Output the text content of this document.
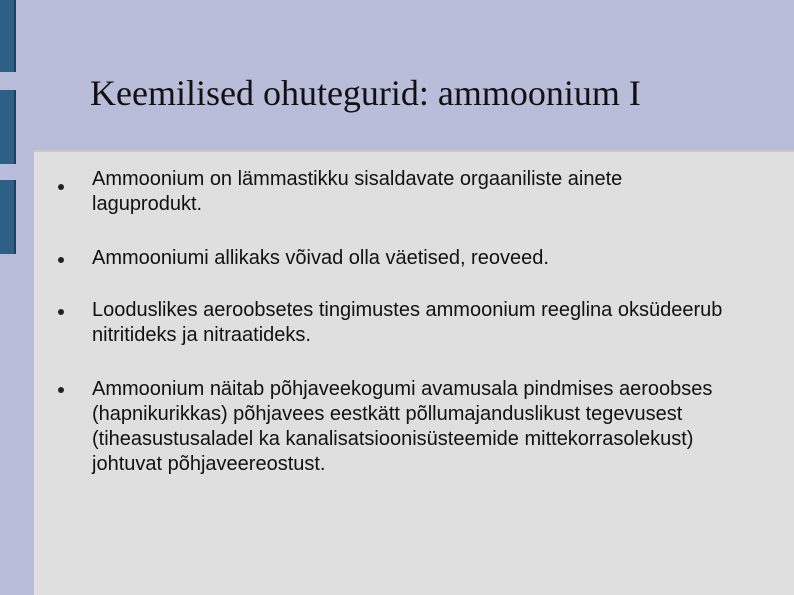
Keemilised ohutegurid: ammoonium I
Ammoonium on lämmastikku sisaldavate orgaaniliste ainete laguprodukt.
Ammooniumi allikaks võivad olla väetised, reoveed.
Looduslikes aeroobsetes tingimustes ammoonium reeglina oksüdeerub nitritideks ja nitraatideks.
Ammoonium näitab põhjaveekogumi avamusala pindmises aeroobses (hapnikurikkas) põhjavees eestkätt põllumajanduslikust tegevusest (tiheasustusaladel ka kanalisatsioonisüsteemide mittekorrasolekust) johtuvat põhjaveereostust.
